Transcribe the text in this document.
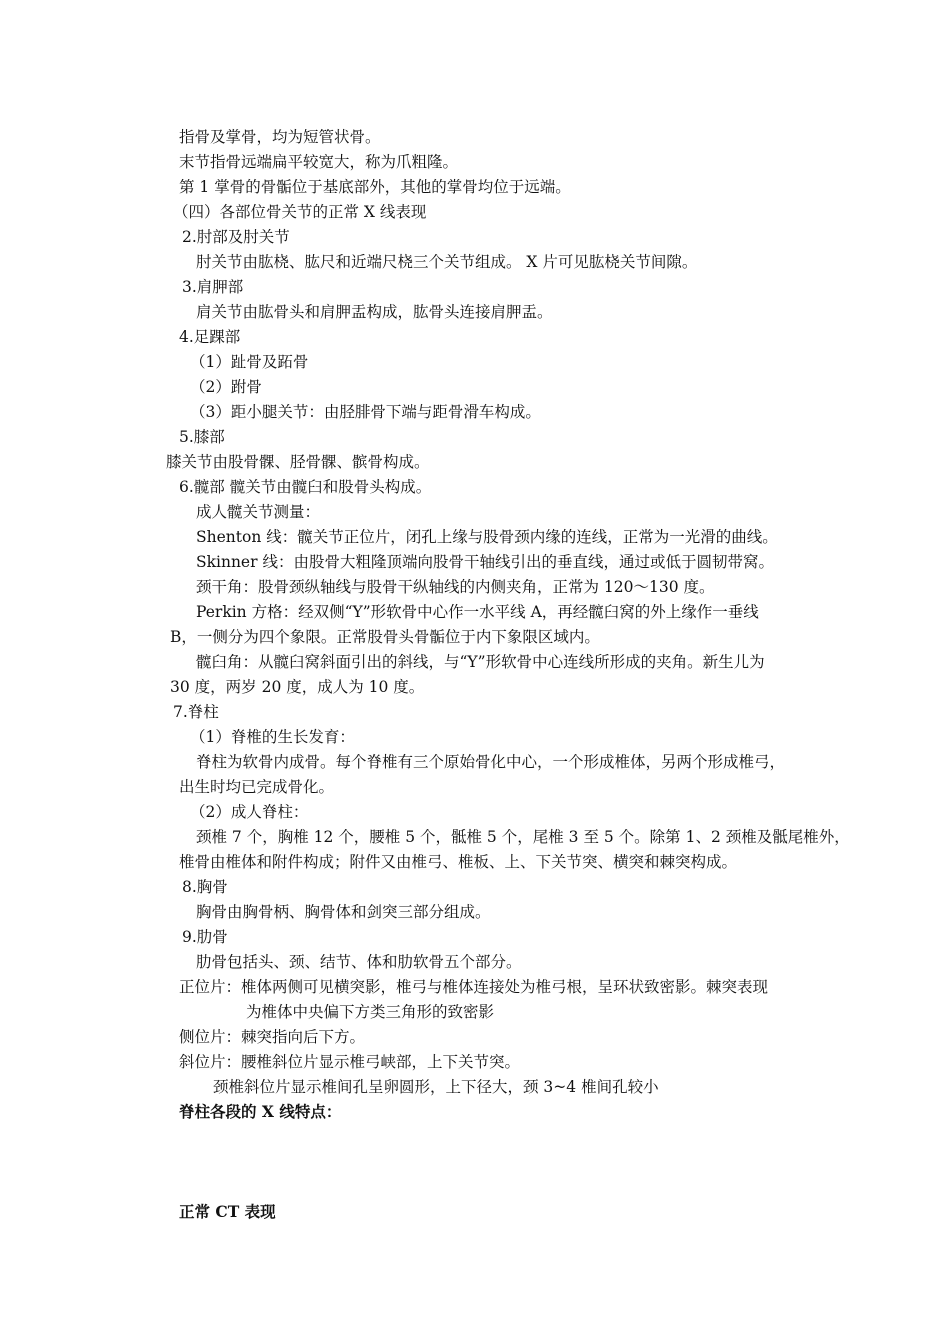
指骨及掌骨，均为短管状骨。
末节指骨远端扁平较宽大，称为爪粗隆。
第 1 掌骨的骨骺位于基底部外，其他的掌骨均位于远端。
（四）各部位骨关节的正常 X 线表现
2.肘部及肘关节
肘关节由肱桡、肱尺和近端尺桡三个关节组成。 X 片可见肱桡关节间隙。
3.肩胛部
肩关节由肱骨头和肩胛盂构成，肱骨头连接肩胛盂。
4.足踝部
（1）趾骨及跖骨
（2）跗骨
（3）距小腿关节：由胫腓骨下端与距骨滑车构成。
5.膝部
膝关节由股骨髁、胫骨髁、髌骨构成。
6.髋部 髋关节由髋臼和股骨头构成。
成人髋关节测量：
Shenton 线：髋关节正位片，闭孔上缘与股骨颈内缘的连线，正常为一光滑的曲线。
Skinner 线：由股骨大粗隆顶端向股骨干轴线引出的垂直线，通过或低于圆韧带窝。
颈干角：股骨颈纵轴线与股骨干纵轴线的内侧夹角，正常为 120～130 度。
Perkin 方格：经双侧“Y”形软骨中心作一水平线 A，再经髋臼窝的外上缘作一垂线
B，一侧分为四个象限。正常股骨头骨骺位于内下象限区域内。
髋臼角：从髋臼窝斜面引出的斜线，与“Y”形软骨中心连线所形成的夹角。新生儿为
30 度，两岁 20 度，成人为 10 度。
7.脊柱
（1）脊椎的生长发育：
脊柱为软骨内成骨。每个脊椎有三个原始骨化中心，一个形成椎体，另两个形成椎弓，
出生时均已完成骨化。
（2）成人脊柱：
颈椎 7 个，胸椎 12 个，腰椎 5 个，骶椎 5 个，尾椎 3 至 5 个。除第 1、2 颈椎及骶尾椎外，
椎骨由椎体和附件构成；附件又由椎弓、椎板、上、下关节突、横突和棘突构成。
8.胸骨
胸骨由胸骨柄、胸骨体和剑突三部分组成。
9.肋骨
肋骨包括头、颈、结节、体和肋软骨五个部分。
正位片：椎体两侧可见横突影，椎弓与椎体连接处为椎弓根，呈环状致密影。棘突表现
为椎体中央偏下方类三角形的致密影
侧位片：棘突指向后下方。
斜位片：腰椎斜位片显示椎弓峡部，上下关节突。
颈椎斜位片显示椎间孔呈卵圆形，上下径大，颈 3~4 椎间孔较小
脊柱各段的 X 线特点：
正常 CT 表现
